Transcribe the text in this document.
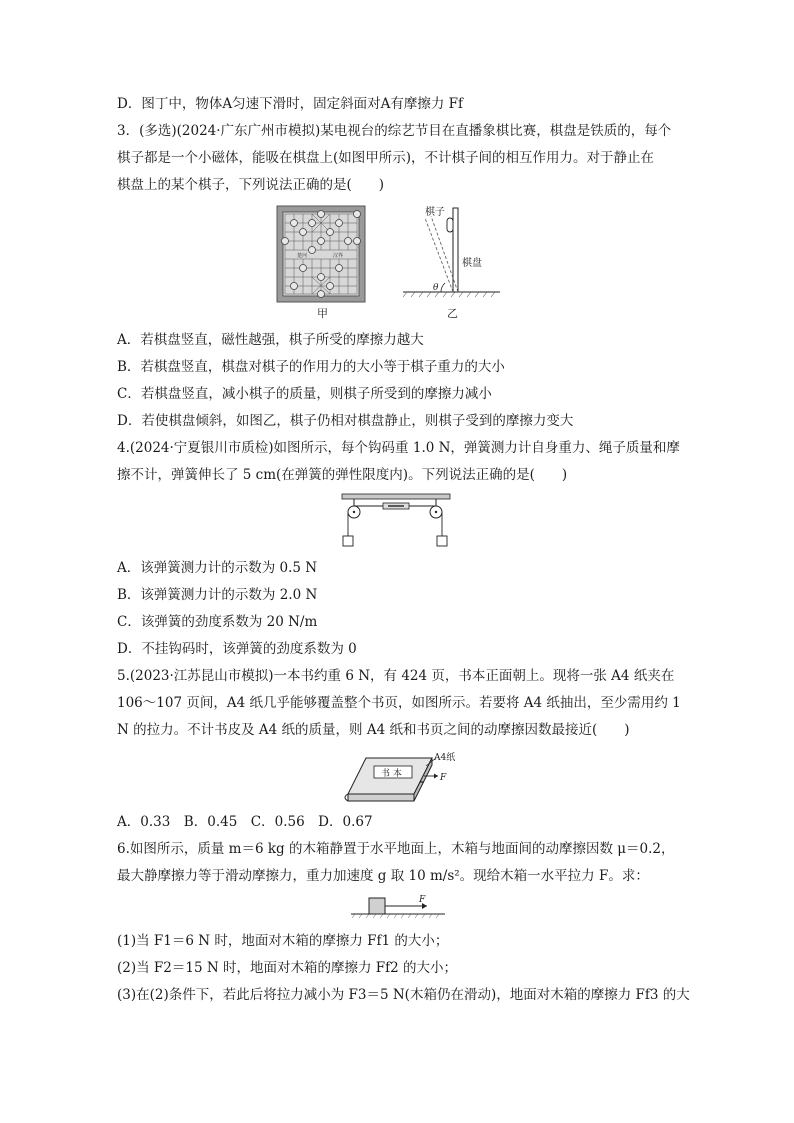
D．图丁中，物体A匀速下滑时，固定斜面对A有摩擦力 Ff
3．(多选)(2024·广东广州市模拟)某电视台的综艺节目在直播象棋比赛，棋盘是铁质的，每个
棋子都是一个小磁体，能吸在棋盘上(如图甲所示)，不计棋子间的相互作用力。对于静止在
棋盘上的某个棋子，下列说法正确的是(　　)
A．若棋盘竖直，磁性越强，棋子所受的摩擦力越大
B．若棋盘竖直，棋盘对棋子的作用力的大小等于棋子重力的大小
C．若棋盘竖直，减小棋子的质量，则棋子所受到的摩擦力减小
D．若使棋盘倾斜，如图乙，棋子仍相对棋盘静止，则棋子受到的摩擦力变大
4.(2024·宁夏银川市质检)如图所示，每个钩码重 1.0 N，弹簧测力计自身重力、绳子质量和摩
擦不计，弹簧伸长了 5 cm(在弹簧的弹性限度内)。下列说法正确的是(　　)
A．该弹簧测力计的示数为 0.5 N
B．该弹簧测力计的示数为 2.0 N
C．该弹簧的劲度系数为 20 N/m
D．不挂钩码时，该弹簧的劲度系数为 0
5.(2023·江苏昆山市模拟)一本书约重 6 N，有 424 页，书本正面朝上。现将一张 A4 纸夹在
106～107 页间，A4 纸几乎能够覆盖整个书页，如图所示。若要将 A4 纸抽出，至少需用约 1
N 的拉力。不计书皮及 A4 纸的质量，则 A4 纸和书页之间的动摩擦因数最接近(　　)
A．0.33　B．0.45　C．0.56　D．0.67
6.如图所示，质量 m＝6 kg 的木箱静置于水平地面上，木箱与地面间的动摩擦因数 μ＝0.2，
最大静摩擦力等于滑动摩擦力，重力加速度 g 取 10 m/s²。现给木箱一水平拉力 F。求：
(1)当 F1＝6 N 时，地面对木箱的摩擦力 Ff1 的大小；
(2)当 F2＝15 N 时，地面对木箱的摩擦力 Ff2 的大小；
(3)在(2)条件下，若此后将拉力减小为 F3＝5 N(木箱仍在滑动)，地面对木箱的摩擦力 Ff3 的大
楚河	汉界
甲
θ
棋子
棋盘
乙
书 本
A4纸
F
F
